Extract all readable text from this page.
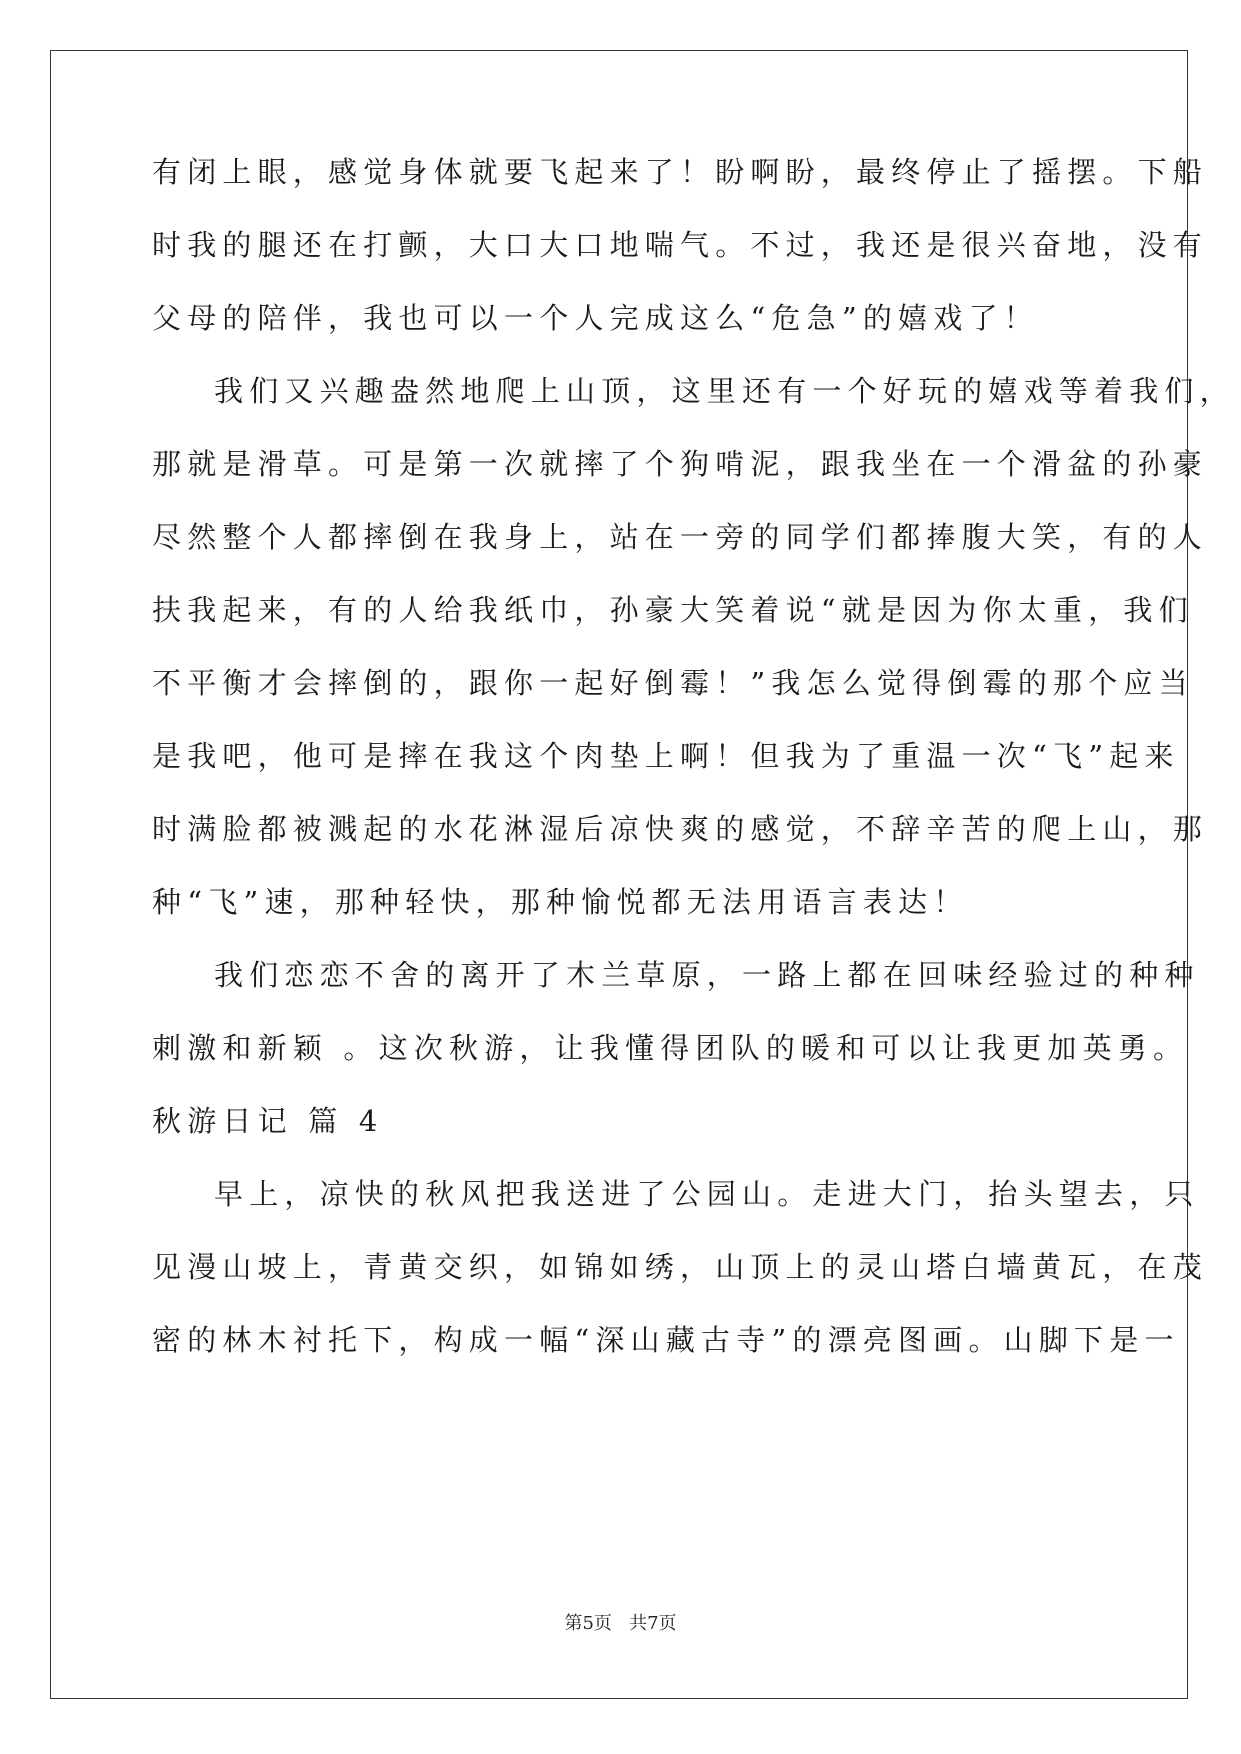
有闭上眼，感觉身体就要飞起来了！盼啊盼，最终停止了摇摆。下船
时我的腿还在打颤，大口大口地喘气。不过，我还是很兴奋地，没有
父母的陪伴，我也可以一个人完成这么“危急”的嬉戏了！
我们又兴趣盎然地爬上山顶，这里还有一个好玩的嬉戏等着我们，
那就是滑草。可是第一次就摔了个狗啃泥，跟我坐在一个滑盆的孙豪
尽然整个人都摔倒在我身上，站在一旁的同学们都捧腹大笑，有的人
扶我起来，有的人给我纸巾，孙豪大笑着说“就是因为你太重，我们
不平衡才会摔倒的，跟你一起好倒霉！”我怎么觉得倒霉的那个应当
是我吧，他可是摔在我这个肉垫上啊！但我为了重温一次“飞”起来
时满脸都被溅起的水花淋湿后凉快爽的感觉，不辞辛苦的爬上山，那
种“飞”速，那种轻快，那种愉悦都无法用语言表达！
我们恋恋不舍的离开了木兰草原，一路上都在回味经验过的种种
刺激和新颖 。这次秋游，让我懂得团队的暖和可以让我更加英勇。
秋游日记 篇 4
早上，凉快的秋风把我送进了公园山。走进大门，抬头望去，只
见漫山坡上，青黄交织，如锦如绣，山顶上的灵山塔白墙黄瓦，在茂
密的林木衬托下，构成一幅“深山藏古寺”的漂亮图画。山脚下是一
第5页   共7页
